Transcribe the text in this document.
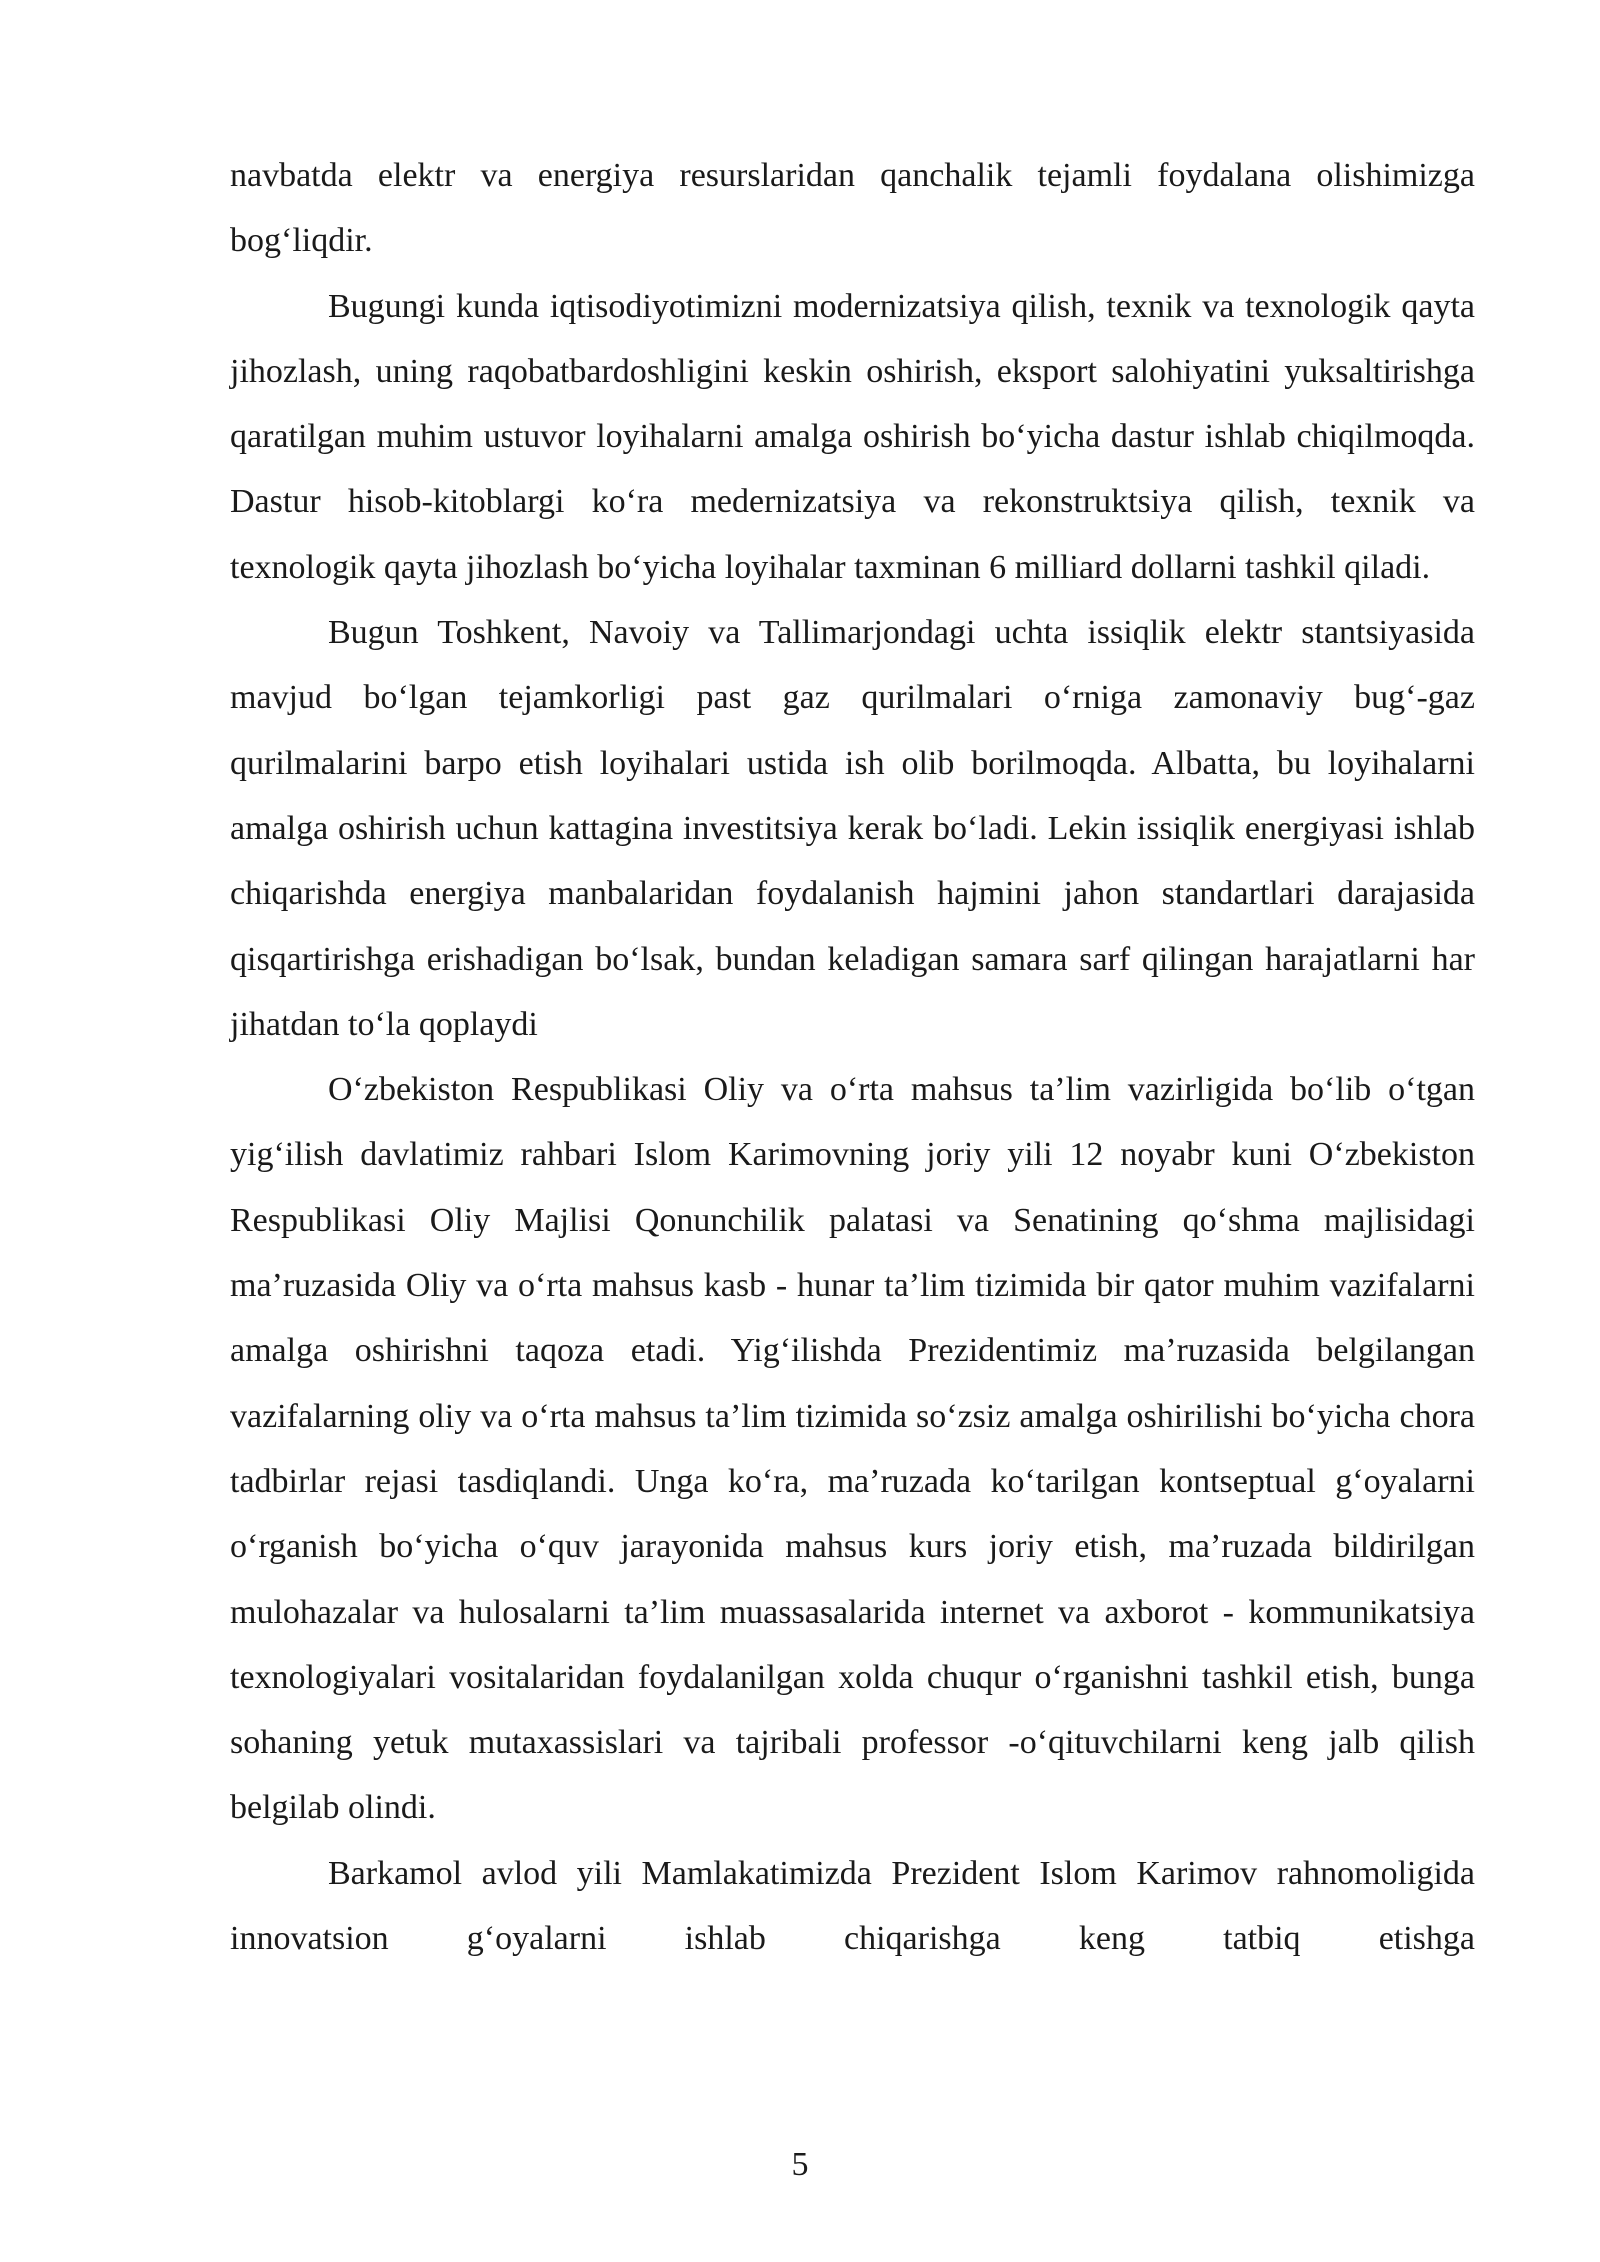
navbatda elektr va energiya resurslaridan qanchalik tejamli foydalana olishimizga bog‘liqdir.

Bugungi kunda iqtisodiyotimizni modernizatsiya qilish, texnik va texnologik qayta jihozlash, uning raqobatbardoshligini keskin oshirish, eksport salohiyatini yuksaltirishga qaratilgan muhim ustuvor loyihalarni amalga oshirish bo‘yicha dastur ishlab chiqilmoqda. Dastur hisob-kitoblargi ko‘ra medernizatsiya va rekonstruktsiya qilish, texnik va texnologik qayta jihozlash bo‘yicha loyihalar taxminan 6 milliard dollarni tashkil qiladi.

Bugun Toshkent, Navoiy va Tallimarjondagi uchta issiqlik elektr stantsiyasida mavjud bo‘lgan tejamkorligi past gaz qurilmalari o‘rniga zamonaviy bug‘-gaz qurilmalarini barpo etish loyihalari ustida ish olib borilmoqda. Albatta, bu loyihalarni amalga oshirish uchun kattagina investitsiya kerak bo‘ladi. Lekin issiqlik energiyasi ishlab chiqarishda energiya manbalaridan foydalanish hajmini jahon standartlari darajasida qisqartirishga erishadigan bo‘lsak, bundan keladigan samara sarf qilingan harajatlarni har jihatdan to‘la qoplaydi

O‘zbekiston Respublikasi Oliy va o‘rta mahsus ta’lim vazirligida bo‘lib o‘tgan yig‘ilish davlatimiz rahbari Islom Karimovning joriy yili 12 noyabr kuni O‘zbekiston Respublikasi Oliy Majlisi Qonunchilik palatasi va Senatining qo‘shma majlisidagi ma’ruzasida Oliy va o‘rta mahsus kasb - hunar ta’lim tizimida bir qator muhim vazifalarni amalga oshirishni taqoza etadi. Yig‘ilishda Prezidentimiz ma’ruzasida belgilangan vazifalarning oliy va o‘rta mahsus ta’lim tizimida so‘zsiz amalga oshirilishi bo‘yicha chora tadbirlar rejasi tasdiqlandi. Unga ko‘ra, ma’ruzada ko‘tarilgan kontseptual g‘oyalarni o‘rganish bo‘yicha o‘quv jarayonida mahsus kurs joriy etish, ma’ruzada bildirilgan mulohazalar va hulosalarni ta’lim muassasalarida internet va axborot - kommunikatsiya texnologiyalari vositalaridan foydalanilgan xolda chuqur o‘rganishni tashkil etish, bunga sohaning yetuk mutaxassislari va tajribali professor -o‘qituvchilarni keng jalb qilish belgilab olindi.

Barkamol avlod yili Mamlakatimizda Prezident Islom Karimov rahnomoligida innovatsion g‘oyalarni ishlab chiqarishga keng tatbiq etishga

5
